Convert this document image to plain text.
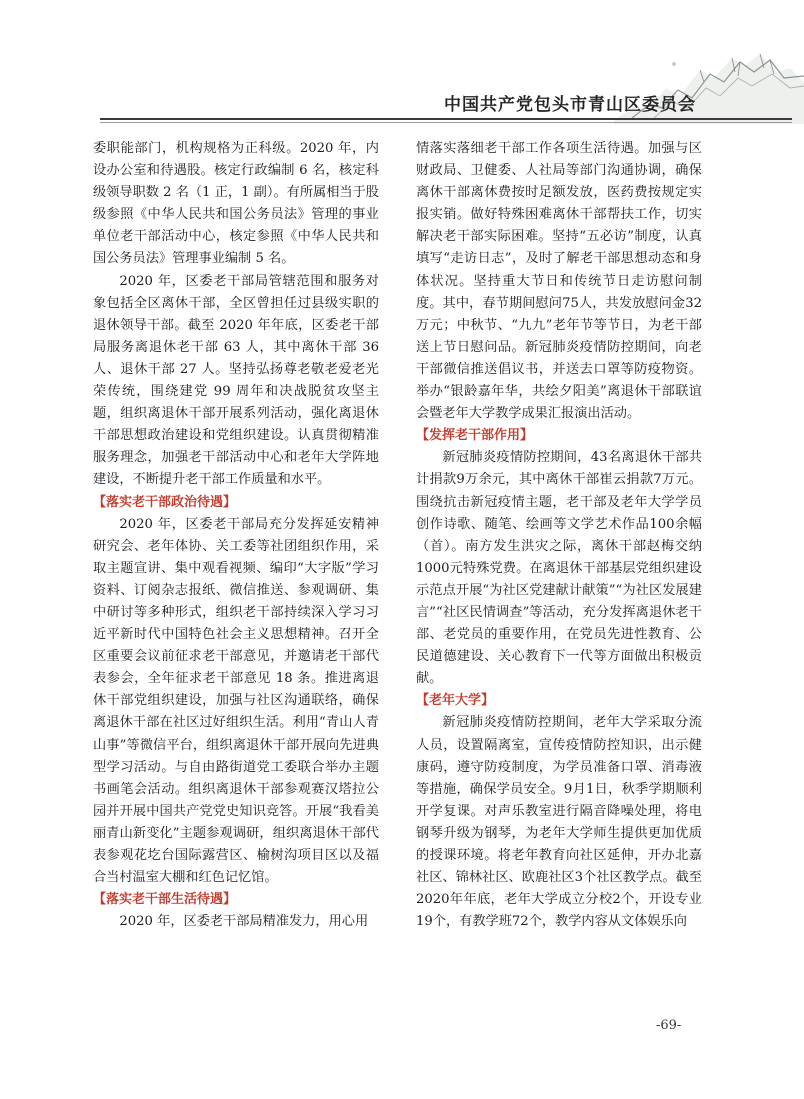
中国共产党包头市青山区委员会

委职能部门，机构规格为正科级。2020 年，内设办公室和待遇股。核定行政编制 6 名，核定科级领导职数 2 名（1 正，1 副）。有所属相当于股级参照《中华人民共和国公务员法》管理的事业单位老干部活动中心，核定参照《中华人民共和国公务员法》管理事业编制 5 名。

2020 年，区委老干部局管辖范围和服务对象包括全区离休干部，全区曾担任过县级实职的退休领导干部。截至 2020 年年底，区委老干部局服务离退休老干部 63 人，其中离休干部 36 人、退休干部 27 人。坚持弘扬尊老敬老爱老光荣传统，围绕建党 99 周年和决战脱贫攻坚主题，组织离退休干部开展系列活动，强化离退休干部思想政治建设和党组织建设。认真贯彻精准服务理念，加强老干部活动中心和老年大学阵地建设，不断提升老干部工作质量和水平。

【落实老干部政治待遇】

2020 年，区委老干部局充分发挥延安精神研究会、老年体协、关工委等社团组织作用，采取主题宣讲、集中观看视频、编印“大字版”学习资料、订阅杂志报纸、微信推送、参观调研、集中研讨等多种形式，组织老干部持续深入学习习近平新时代中国特色社会主义思想精神。召开全区重要会议前征求老干部意见，并邀请老干部代表参会，全年征求老干部意见 18 条。推进离退休干部党组织建设，加强与社区沟通联络，确保离退休干部在社区过好组织生活。利用“青山人青山事”等微信平台，组织离退休干部开展向先进典型学习活动。与自由路街道党工委联合举办主题书画笔会活动。组织离退休干部参观赛汉塔拉公园并开展中国共产党党史知识竞答。开展“我看美丽青山新变化”主题参观调研，组织离退休干部代表参观花圪台国际露营区、榆树沟项目区以及福合当村温室大棚和红色记忆馆。

【落实老干部生活待遇】

2020 年，区委老干部局精准发力，用心用

情落实落细老干部工作各项生活待遇。加强与区财政局、卫健委、人社局等部门沟通协调，确保离休干部离休费按时足额发放，医药费按规定实报实销。做好特殊困难离休干部帮扶工作，切实解决老干部实际困难。坚持“五必访”制度，认真填写“走访日志”，及时了解老干部思想动态和身体状况。坚持重大节日和传统节日走访慰问制度。其中，春节期间慰问75人，共发放慰问金32万元；中秋节、“九九”老年节等节日，为老干部送上节日慰问品。新冠肺炎疫情防控期间，向老干部微信推送倡议书，并送去口罩等防疫物资。举办“银龄嘉年华，共绘夕阳美”离退休干部联谊会暨老年大学教学成果汇报演出活动。

【发挥老干部作用】

新冠肺炎疫情防控期间，43名离退休干部共计捐款9万余元，其中离休干部崔云捐款7万元。围绕抗击新冠疫情主题，老干部及老年大学学员创作诗歌、随笔、绘画等文学艺术作品100余幅（首）。南方发生洪灾之际，离休干部赵梅交纳1000元特殊党费。在离退休干部基层党组织建设示范点开展“为社区党建献计献策”“为社区发展建言”“社区民情调查”等活动，充分发挥离退休老干部、老党员的重要作用，在党员先进性教育、公民道德建设、关心教育下一代等方面做出积极贡献。

【老年大学】

新冠肺炎疫情防控期间，老年大学采取分流人员，设置隔离室，宣传疫情防控知识，出示健康码，遵守防疫制度，为学员准备口罩、消毒液等措施，确保学员安全。9月1日，秋季学期顺利开学复课。对声乐教室进行隔音降噪处理，将电钢琴升级为钢琴，为老年大学师生提供更加优质的授课环境。将老年教育向社区延伸，开办北嘉社区、锦林社区、欧鹿社区3个社区教学点。截至2020年年底，老年大学成立分校2个，开设专业19个，有教学班72个，教学内容从文体娱乐向

-69-
